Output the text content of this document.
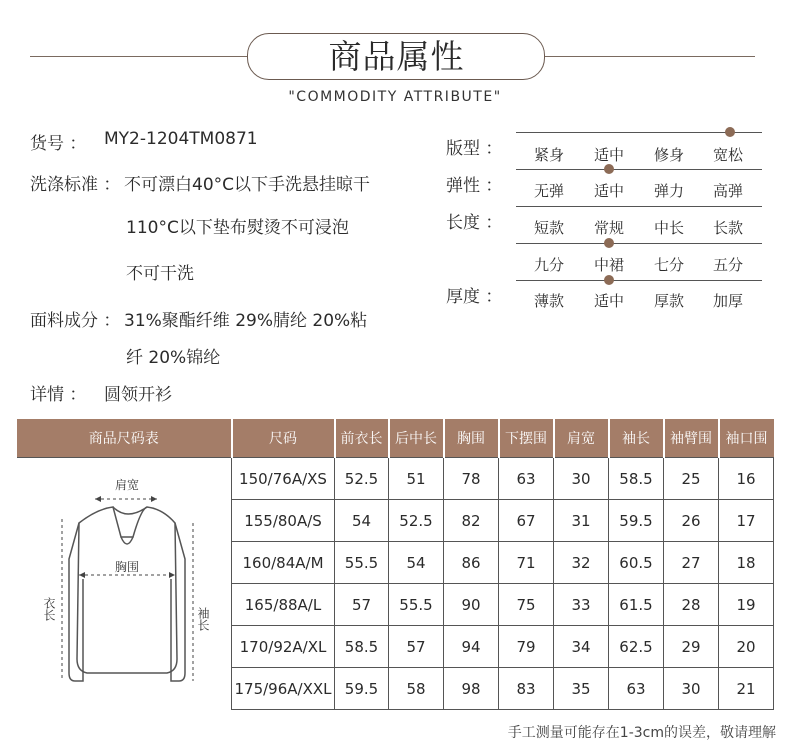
商品属性
"COMMODITY ATTRIBUTE"
货号 ： MY2-1204TM0871
洗涤标准 ： 不可漂白40°C以下手洗悬挂晾干
110°C以下垫布熨烫不可浸泡
不可干洗
面料成分 ： 31%聚酯纤维 29%腈纶 20%粘
纤 20%锦纶
详情 ： 圆领开衫
版型 ：	紧身	适中	修身	宽松
弹性 ：	无弹	适中	弹力	高弹
长度 ：	短款	常规	中长	长款
九分	中裙	七分	五分
厚度 ：	薄款	适中	厚款	加厚
商品尺码表	尺码	前衣长	后中长	胸围	下摆围	肩宽	袖长	袖臂围	袖口围

肩宽
胸围
衣长 袖长	150/76A/XS	52.5	51	78	63	30	58.5	25	16
	155/80A/S	54	52.5	82	67	31	59.5	26	17
	160/84A/M	55.5	54	86	71	32	60.5	27	18
	165/88A/L	57	55.5	90	75	33	61.5	28	19
	170/92A/XL	58.5	57	94	79	34	62.5	29	20
	175/96A/XXL	59.5	58	98	83	35	63	30	21
手工测量可能存在1-3cm的误差，敬请理解
